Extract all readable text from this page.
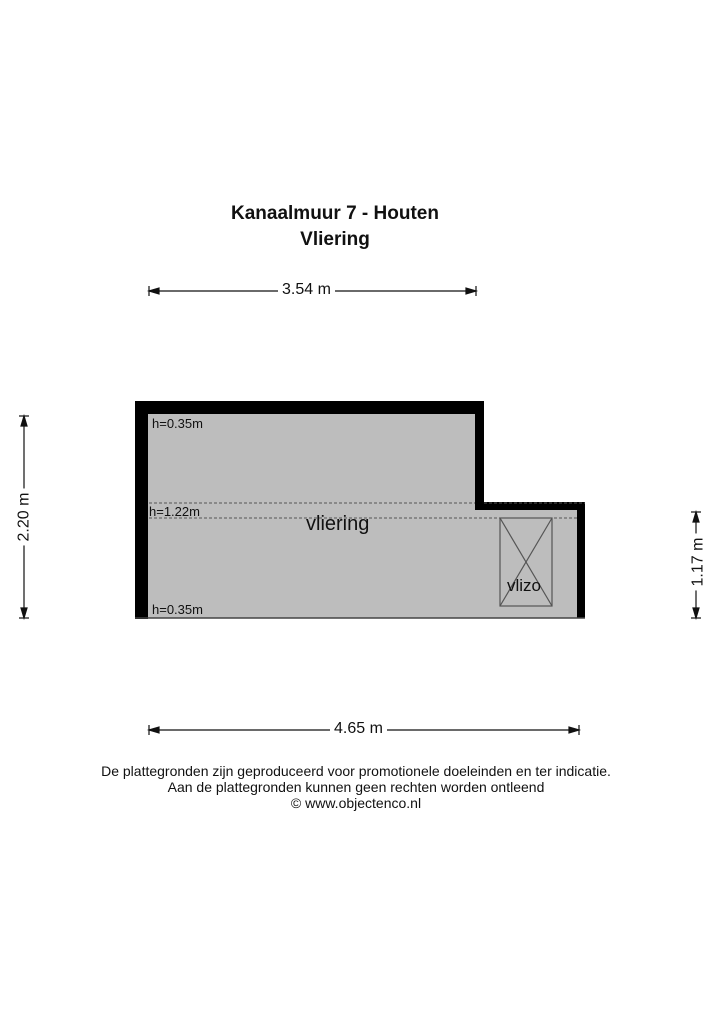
Kanaalmuur 7 - Houten
Vliering
3.54 m
4.65 m
2.20 m
1.17 m
h=0.35m
h=1.22m
h=0.35m
vliering
vlizo
De plattegronden zijn geproduceerd voor promotionele doeleinden en ter indicatie.
Aan de plattegronden kunnen geen rechten worden ontleend
© www.objectenco.nl
